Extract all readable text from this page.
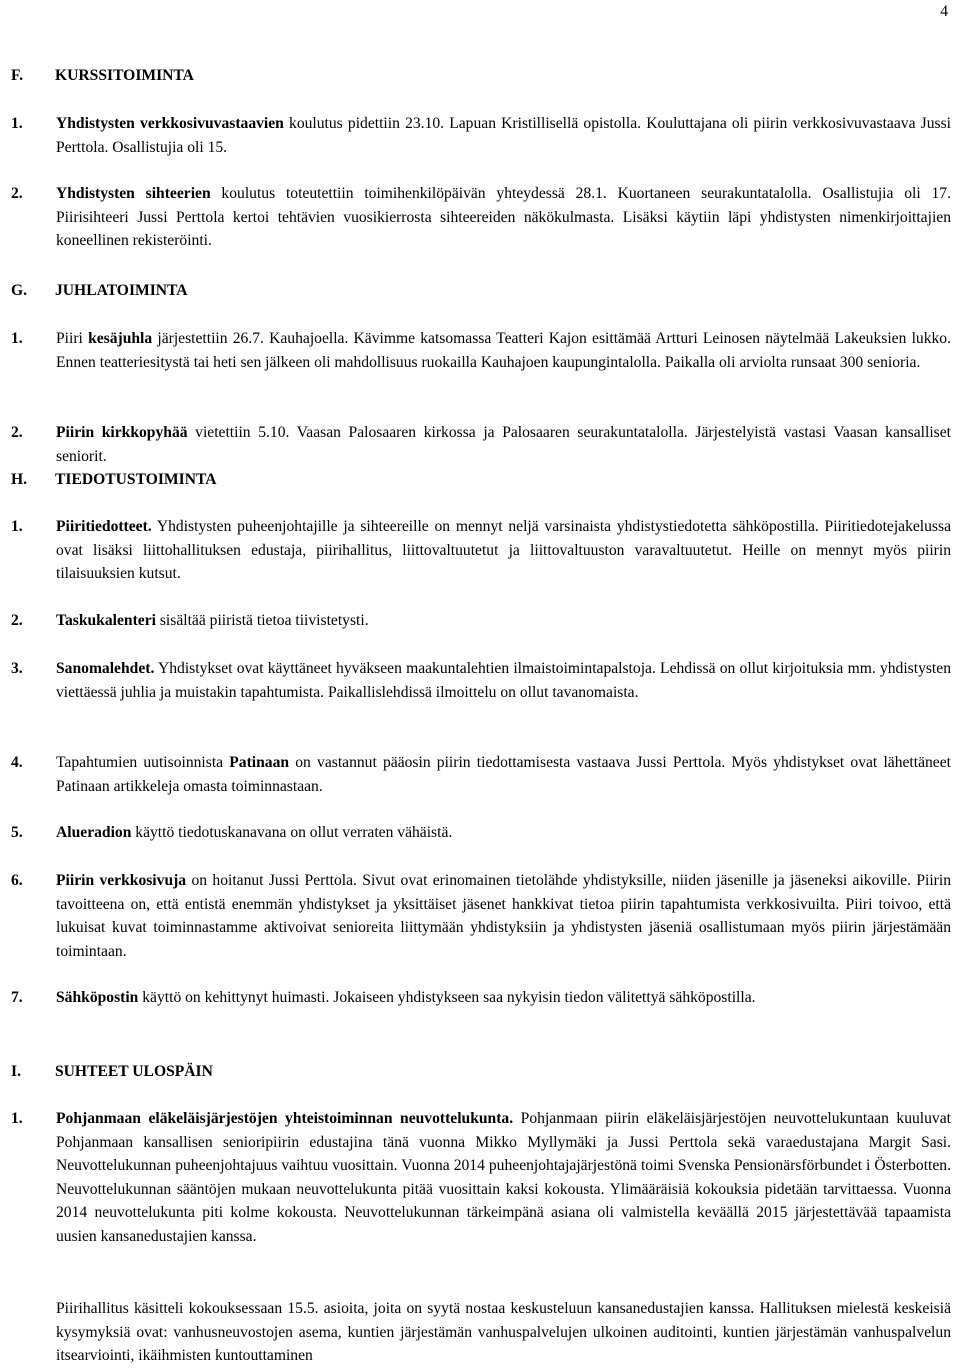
4
F. KURSSITOIMINTA
1. Yhdistysten verkkosivuvastaavien koulutus pidettiin 23.10. Lapuan Kristillisellä opistolla. Kouluttajana oli piirin verkkosivuvastaava Jussi Perttola. Osallistujia oli 15.
2. Yhdistysten sihteerien koulutus toteutettiin toimihenkilöpäivän yhteydessä 28.1. Kuortaneen seurakuntatalolla. Osallistujia oli 17. Piirisihteeri Jussi Perttola kertoi tehtävien vuosikierrosta sihteereiden näkökulmasta. Lisäksi käytiin läpi yhdistysten nimenkirjoittajien koneellinen rekisteröinti.
G. JUHLATOIMINTA
1. Piiri kesäjuhla järjestettiin 26.7. Kauhajoella. Kävimme katsomassa Teatteri Kajon esittämää Artturi Leinosen näytelmää Lakeuksien lukko. Ennen teatteriesitystä tai heti sen jälkeen oli mahdollisuus ruokailla Kauhajoen kaupungintalolla. Paikalla oli arviolta runsaat 300 senioria.
2. Piirin kirkkopyhää vietettiin 5.10. Vaasan Palosaaren kirkossa ja Palosaaren seurakuntatalolla. Järjestelyistä vastasi Vaasan kansalliset seniorit.
H. TIEDOTUSTOIMINTA
1. Piiritiedotteet. Yhdistysten puheenjohtajille ja sihteereille on mennyt neljä varsinaista yhdistystiedotetta sähköpostilla. Piiritiedotejakelussa ovat lisäksi liittohallituksen edustaja, piirihallitus, liittovaltuutetut ja liittovaltuuston varavaltuutetut. Heille on mennyt myös piirin tilaisuuksien kutsut.
2. Taskukalenteri sisältää piiristä tietoa tiivistetysti.
3. Sanomalehdet. Yhdistykset ovat käyttäneet hyväkseen maakuntalehtien ilmaistoimintapalstoja. Lehdissä on ollut kirjoituksia mm. yhdistysten viettäessä juhlia ja muistakin tapahtumista. Paikallislehdissä ilmoittelu on ollut tavanomaista.
4. Tapahtumien uutisoinnista Patinaan on vastannut pääosin piirin tiedottamisesta vastaava Jussi Perttola. Myös yhdistykset ovat lähettäneet Patinaan artikkeleja omasta toiminnastaan.
5. Alueradion käyttö tiedotuskanavana on ollut verraten vähäistä.
6. Piirin verkkosivuja on hoitanut Jussi Perttola. Sivut ovat erinomainen tietolähde yhdistyksille, niiden jäsenille ja jäseneksi aikoville. Piirin tavoitteena on, että entistä enemmän yhdistykset ja yksittäiset jäsenet hankkivat tietoa piirin tapahtumista verkkosivuilta. Piiri toivoo, että lukuisat kuvat toiminnastamme aktivoivat senioreita liittymään yhdistyksiin ja yhdistysten jäseniä osallistumaan myös piirin järjestämään toimintaan.
7. Sähköpostin käyttö on kehittynyt huimasti. Jokaiseen yhdistykseen saa nykyisin tiedon välitettyä sähköpostilla.
I. SUHTEET ULOSPÄIN
1. Pohjanmaan eläkeläisjärjestöjen yhteistoiminnan neuvottelukunta. Pohjanmaan piirin eläkeläisjärjestöjen neuvottelukuntaan kuuluvat Pohjanmaan kansallisen senioripiirin edustajina tänä vuonna Mikko Myllymäki ja Jussi Perttola sekä varaedustajana Margit Sasi. Neuvottelukunnan puheenjohtajuus vaihtuu vuosittain. Vuonna 2014 puheenjohtajajärjestönä toimi Svenska Pensionärsförbundet i Österbotten. Neuvottelukunnan sääntöjen mukaan neuvottelukunta pitää vuosittain kaksi kokousta. Ylimääräisiä kokouksia pidetään tarvittaessa. Vuonna 2014 neuvottelukunta piti kolme kokousta. Neuvottelukunnan tärkeimpänä asiana oli valmistella keväällä 2015 järjestettävää tapaamista uusien kansanedustajien kanssa.
Piirihallitus käsitteli kokouksessaan 15.5. asioita, joita on syytä nostaa keskusteluun kansanedustajien kanssa. Hallituksen mielestä keskeisiä kysymyksiä ovat: vanhusneuvostojen asema, kuntien järjestämän vanhuspalvelujen ulkoinen auditointi, kuntien järjestämän vanhuspalvelun itsearviointi, ikäihmisten kuntouttaminen
